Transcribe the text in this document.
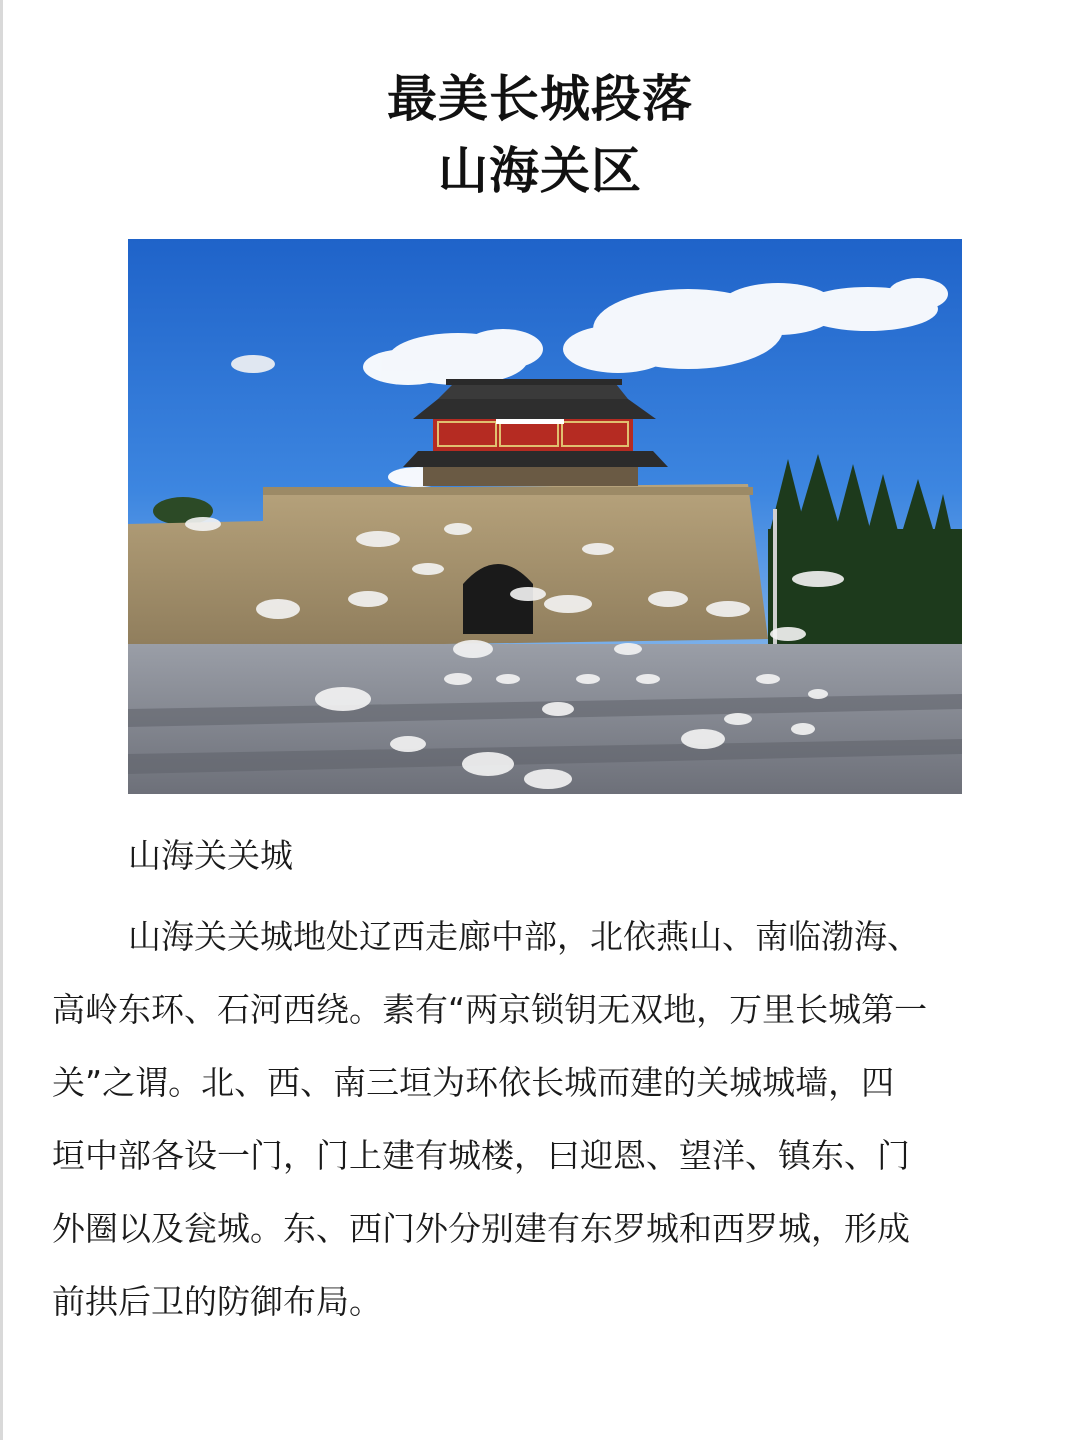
最美长城段落
山海关区
山海关关城
山海关关城地处辽西走廊中部，北依燕山、南临渤海、
高岭东环、石河西绕。素有“两京锁钥无双地，万里长城第一
关”之谓。北、西、南三垣为环依长城而建的关城城墙，四
垣中部各设一门，门上建有城楼，曰迎恩、望洋、镇东、门
外圈以及瓮城。东、西门外分别建有东罗城和西罗城，形成
前拱后卫的防御布局。
